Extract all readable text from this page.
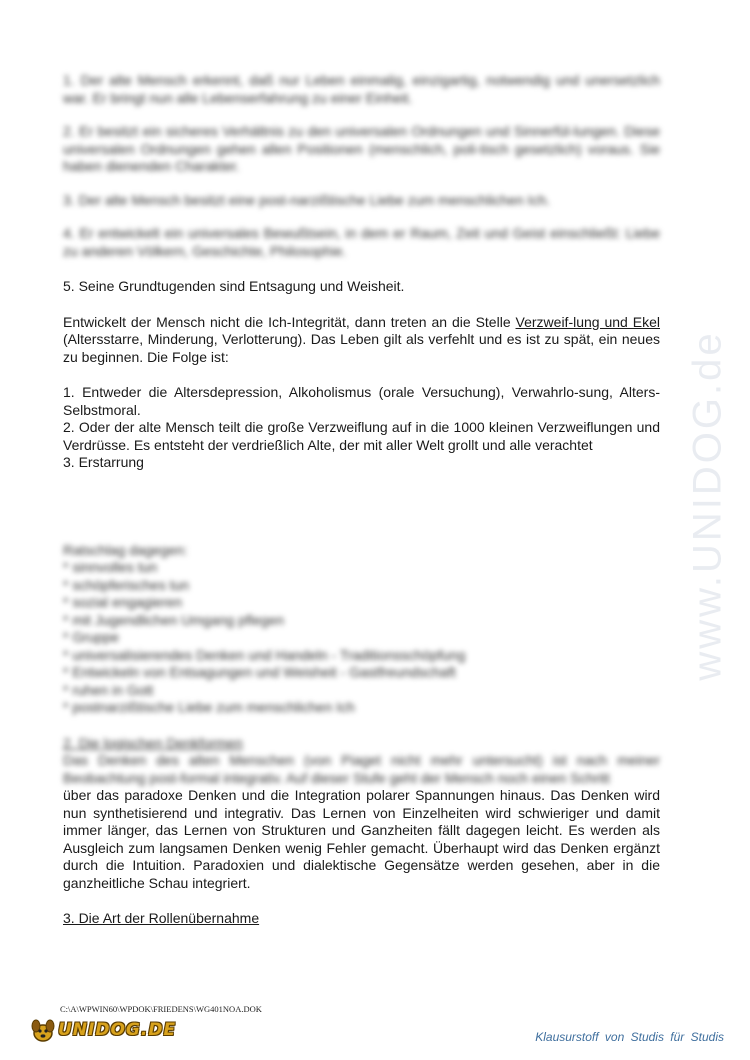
www.UNIDOG.de

1. Der alte Mensch erkennt, daß nur Leben einmalig, einzigartig, notwendig und unersetzlich war. Er bringt nun alle Lebenserfahrung zu einer Einheit.

2. Er besitzt ein sicheres Verhältnis zu den universalen Ordnungen und Sinnerfül-lungen. Diese universalen Ordnungen gehen allen Positionen (menschlich, poli-tisch gesetzlich) voraus. Sie haben dienenden Charakter.

3. Der alte Mensch besitzt eine post-narzißtische Liebe zum menschlichen Ich.

4. Er entwickelt ein universales Bewußtsein, in dem er Raum, Zeit und Geist einschließt: Liebe zu anderen Völkern, Geschichte, Philosophie.

5. Seine Grundtugenden sind Entsagung und Weisheit.

Entwickelt der Mensch nicht die Ich-Integrität, dann treten an die Stelle Verzweif-lung und Ekel (Altersstarre, Minderung, Verlotterung). Das Leben gilt als verfehlt und es ist zu spät, ein neues zu beginnen. Die Folge ist:

1. Entweder die Altersdepression, Alkoholismus (orale Versuchung), Verwahrlo-sung, Alters-Selbstmoral.

2. Oder der alte Mensch teilt die große Verzweiflung auf in die 1000 kleinen Verzweiflungen und Verdrüsse. Es entsteht der verdrießlich Alte, der mit aller Welt grollt und alle verachtet

3. Erstarrung

Ratschlag dagegen:

* sinnvolles tun

* schöpferisches tun

* sozial engagieren

* mit Jugendlichen Umgang pflegen

* Gruppe

* universalisierendes Denken und Handeln - Traditionsschöpfung

* Entwickeln von Entsagungen und Weisheit - Gastfreundschaft

* ruhen in Gott

* postnarzißtische Liebe zum menschlichen Ich

2. Die logischen Denkformen

Das Denken des alten Menschen (von Piaget nicht mehr untersucht) ist nach meiner Beobachtung post-formal integrativ. Auf dieser Stufe geht der Mensch noch einen Schritt

über das paradoxe Denken und die Integration polarer Spannungen hinaus. Das Denken wird nun synthetisierend und integrativ. Das Lernen von Einzelheiten wird schwieriger und damit immer länger, das Lernen von Strukturen und Ganzheiten fällt dagegen leicht. Es werden als Ausgleich zum langsamen Denken wenig Fehler gemacht. Überhaupt wird das Denken ergänzt durch die Intuition. Paradoxien und dialektische Gegensätze werden gesehen, aber in die ganzheitliche Schau integriert.

3. Die Art der Rollenübernahme

C:\A\WPWIN60\WPDOK\FRIEDENS\WG401NOA.DOK
UNIDOG.DE	Klausurstoff von Studis für Studis
